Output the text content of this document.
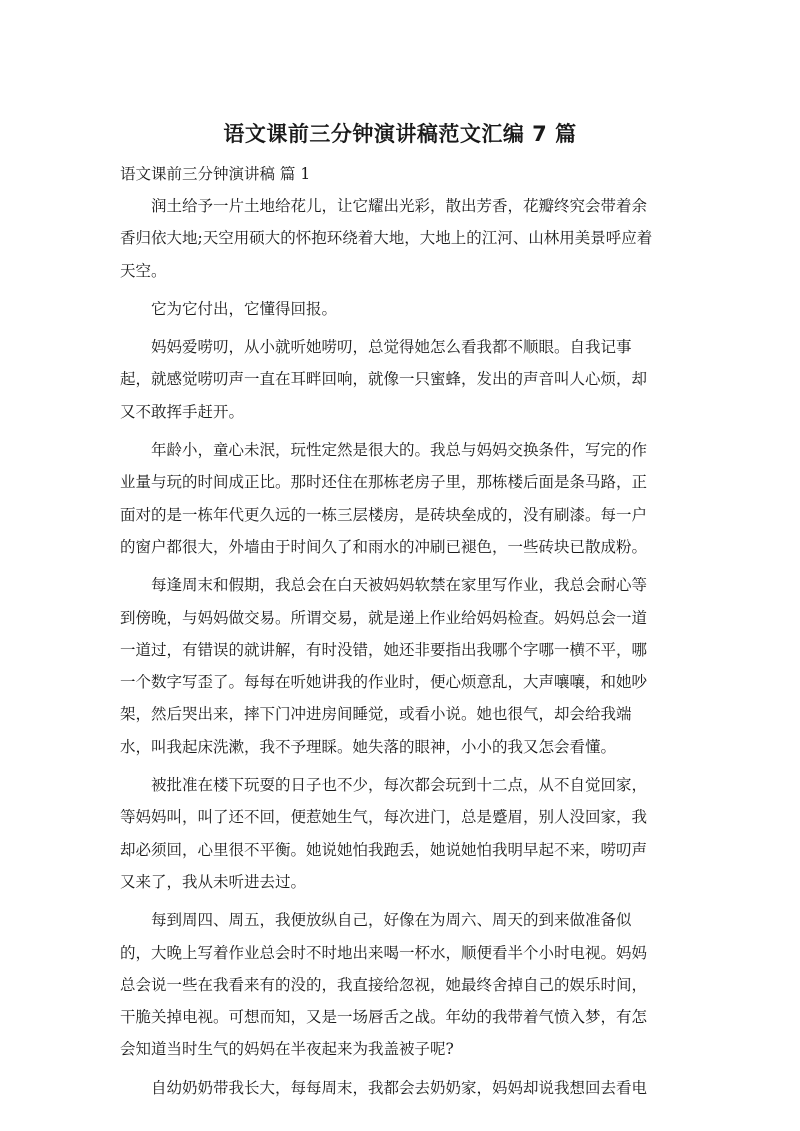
语文课前三分钟演讲稿范文汇编 7 篇

语文课前三分钟演讲稿 篇 1

润土给予一片土地给花儿，让它耀出光彩，散出芳香，花瓣终究会带着余
香归依大地;天空用硕大的怀抱环绕着大地，大地上的江河、山林用美景呼应着
天空。

它为它付出，它懂得回报。

妈妈爱唠叨，从小就听她唠叨，总觉得她怎么看我都不顺眼。自我记事
起，就感觉唠叨声一直在耳畔回响，就像一只蜜蜂，发出的声音叫人心烦，却
又不敢挥手赶开。

年龄小，童心未泯，玩性定然是很大的。我总与妈妈交换条件，写完的作
业量与玩的时间成正比。那时还住在那栋老房子里，那栋楼后面是条马路，正
面对的是一栋年代更久远的一栋三层楼房，是砖块垒成的，没有刷漆。每一户
的窗户都很大，外墙由于时间久了和雨水的冲刷已褪色，一些砖块已散成粉。

每逢周末和假期，我总会在白天被妈妈软禁在家里写作业，我总会耐心等
到傍晚，与妈妈做交易。所谓交易，就是递上作业给妈妈检查。妈妈总会一道
一道过，有错误的就讲解，有时没错，她还非要指出我哪个字哪一横不平，哪
一个数字写歪了。每每在听她讲我的作业时，便心烦意乱，大声嚷嚷，和她吵
架，然后哭出来，摔下门冲进房间睡觉，或看小说。她也很气，却会给我端
水，叫我起床洗漱，我不予理睬。她失落的眼神，小小的我又怎会看懂。

被批准在楼下玩耍的日子也不少，每次都会玩到十二点，从不自觉回家，
等妈妈叫，叫了还不回，便惹她生气，每次进门，总是蹙眉，别人没回家，我
却必须回，心里很不平衡。她说她怕我跑丢，她说她怕我明早起不来，唠叨声
又来了，我从未听进去过。

每到周四、周五，我便放纵自己，好像在为周六、周天的到来做准备似
的，大晚上写着作业总会时不时地出来喝一杯水，顺便看半个小时电视。妈妈
总会说一些在我看来有的没的，我直接给忽视，她最终舍掉自己的娱乐时间，
干脆关掉电视。可想而知，又是一场唇舌之战。年幼的我带着气愤入梦，有怎
会知道当时生气的妈妈在半夜起来为我盖被子呢?

自幼奶奶带我长大，每每周末，我都会去奶奶家，妈妈却说我想回去看电
